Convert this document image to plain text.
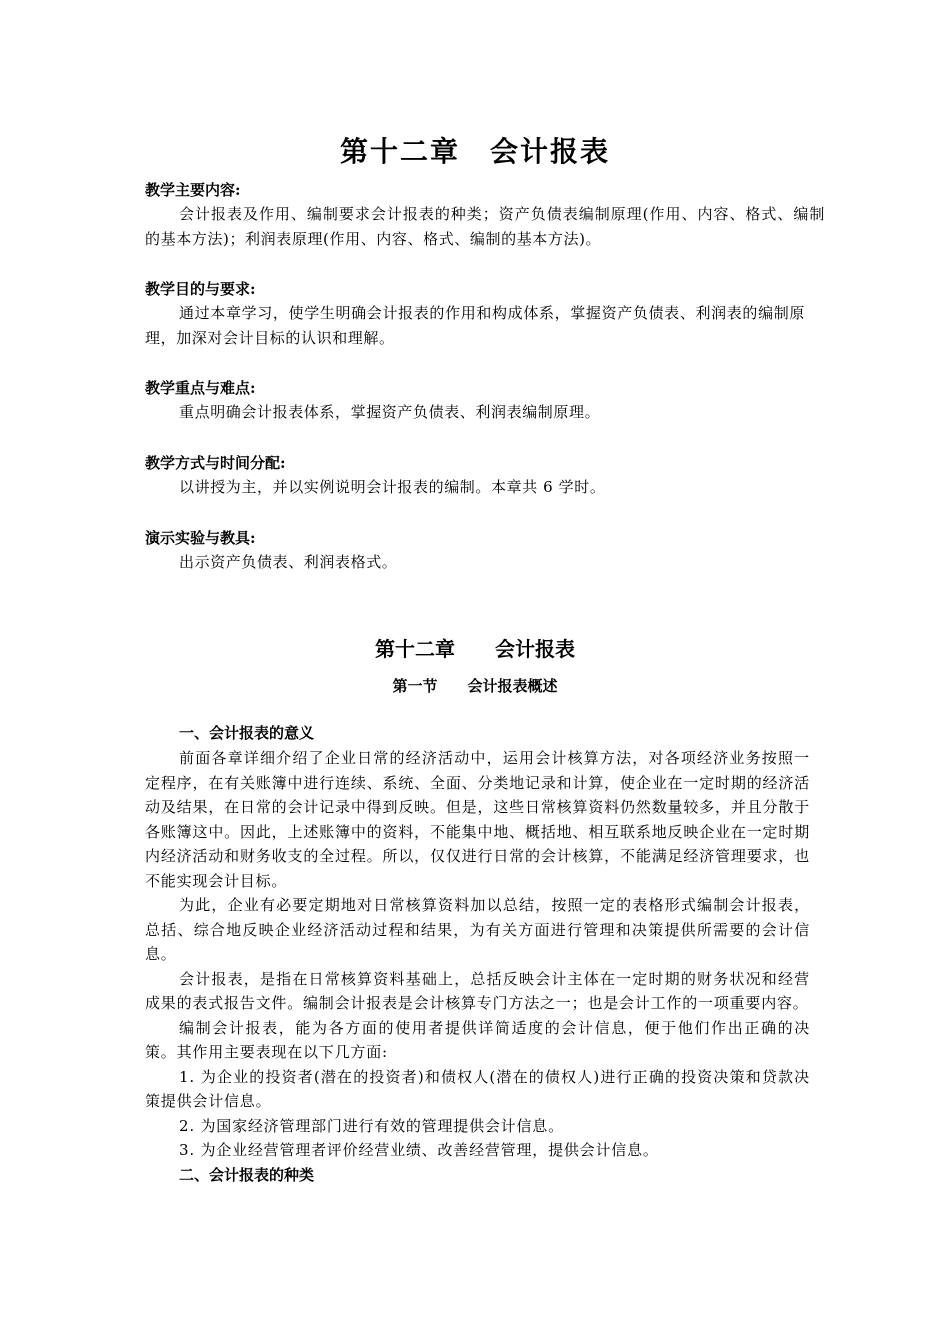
第十二章　会计报表

教学主要内容:

会计报表及作用、编制要求会计报表的种类；资产负债表编制原理(作用、内容、格式、编制的基本方法)；利润表原理(作用、内容、格式、编制的基本方法)。

教学目的与要求:

通过本章学习，使学生明确会计报表的作用和构成体系，掌握资产负债表、利润表的编制原理，加深对会计目标的认识和理解。

教学重点与难点:

重点明确会计报表体系，掌握资产负债表、利润表编制原理。

教学方式与时间分配:

以讲授为主，并以实例说明会计报表的编制。本章共 6 学时。

演示实验与教具:

出示资产负债表、利润表格式。

第十二章 会计报表
第一节 会计报表概述

一、会计报表的意义

前面各章详细介绍了企业日常的经济活动中，运用会计核算方法，对各项经济业务按照一定程序，在有关账簿中进行连续、系统、全面、分类地记录和计算，使企业在一定时期的经济活动及结果，在日常的会计记录中得到反映。但是，这些日常核算资料仍然数量较多，并且分散于各账簿这中。因此，上述账簿中的资料，不能集中地、概括地、相互联系地反映企业在一定时期内经济活动和财务收支的全过程。所以，仅仅进行日常的会计核算，不能满足经济管理要求，也不能实现会计目标。

为此，企业有必要定期地对日常核算资料加以总结，按照一定的表格形式编制会计报表，总括、综合地反映企业经济活动过程和结果，为有关方面进行管理和决策提供所需要的会计信息。

会计报表，是指在日常核算资料基础上，总括反映会计主体在一定时期的财务状况和经营成果的表式报告文件。编制会计报表是会计核算专门方法之一；也是会计工作的一项重要内容。

编制会计报表，能为各方面的使用者提供详简适度的会计信息，便于他们作出正确的决策。其作用主要表现在以下几方面:

1. 为企业的投资者(潜在的投资者)和债权人(潜在的债权人)进行正确的投资决策和贷款决策提供会计信息。

2. 为国家经济管理部门进行有效的管理提供会计信息。

3. 为企业经营管理者评价经营业绩、改善经营管理，提供会计信息。

二、会计报表的种类
